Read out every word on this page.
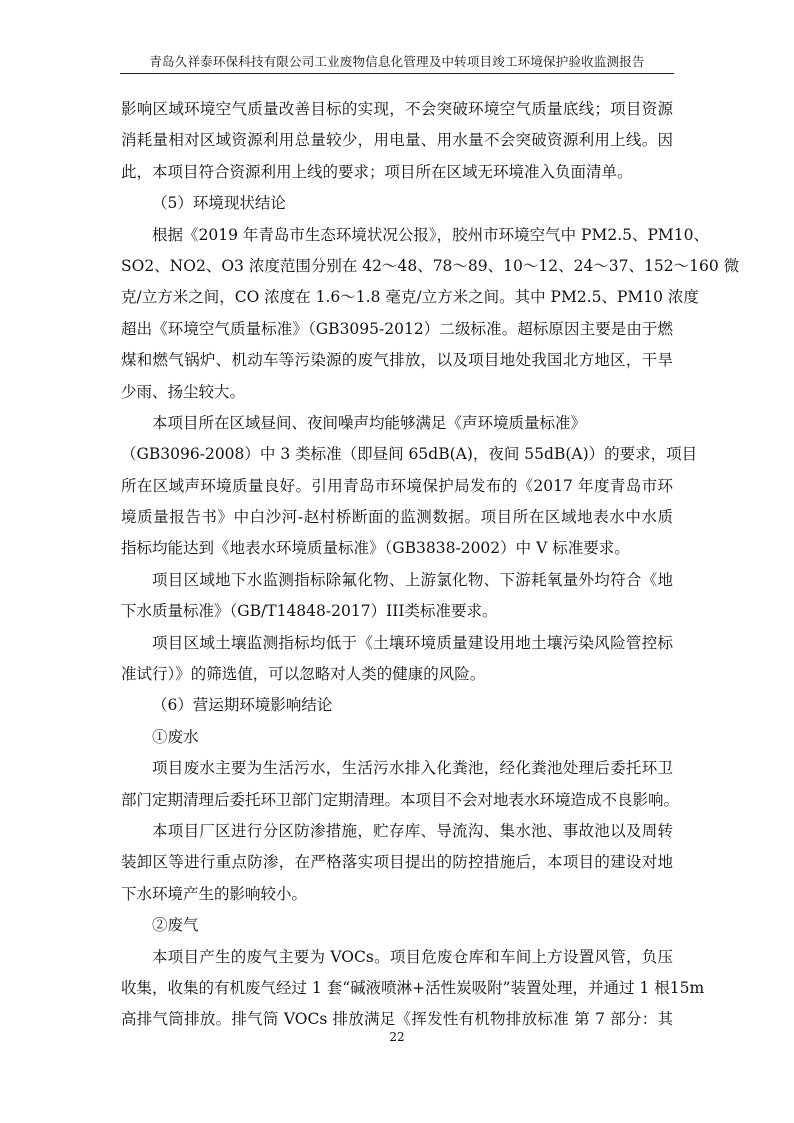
青岛久祥泰环保科技有限公司工业废物信息化管理及中转项目竣工环境保护验收监测报告
影响区域环境空气质量改善目标的实现，不会突破环境空气质量底线；项目资源
消耗量相对区域资源利用总量较少，用电量、用水量不会突破资源利用上线。因
此，本项目符合资源利用上线的要求；项目所在区域无环境准入负面清单。
（5）环境现状结论
根据《2019 年青岛市生态环境状况公报》，胶州市环境空气中 PM2.5、PM10、
SO2、NO2、O3 浓度范围分别在 42～48、78～89、10～12、24～37、152～160 微
克/立方米之间，CO 浓度在 1.6～1.8 毫克/立方米之间。其中 PM2.5、PM10 浓度
超出《环境空气质量标准》（GB3095-2012）二级标准。超标原因主要是由于燃
煤和燃气锅炉、机动车等污染源的废气排放，以及项目地处我国北方地区，干旱
少雨、扬尘较大。
本项目所在区域昼间、夜间噪声均能够满足《声环境质量标准》
（GB3096-2008）中 3 类标准（即昼间 65dB(A)，夜间 55dB(A)）的要求，项目
所在区域声环境质量良好。引用青岛市环境保护局发布的《2017 年度青岛市环
境质量报告书》中白沙河-赵村桥断面的监测数据。项目所在区域地表水中水质
指标均能达到《地表水环境质量标准》（GB3838-2002）中 V 标准要求。
项目区域地下水监测指标除氟化物、上游氯化物、下游耗氧量外均符合《地
下水质量标准》（GB/T14848-2017）III类标准要求。
项目区域土壤监测指标均低于《土壤环境质量建设用地土壤污染风险管控标
准试行）》的筛选值，可以忽略对人类的健康的风险。
（6）营运期环境影响结论
①废水
项目废水主要为生活污水，生活污水排入化粪池，经化粪池处理后委托环卫
部门定期清理后委托环卫部门定期清理。本项目不会对地表水环境造成不良影响。
本项目厂区进行分区防渗措施，贮存库、导流沟、集水池、事故池以及周转
装卸区等进行重点防渗，在严格落实项目提出的防控措施后，本项目的建设对地
下水环境产生的影响较小。
②废气
本项目产生的废气主要为 VOCs。项目危废仓库和车间上方设置风管，负压
收集，收集的有机废气经过 1 套“碱液喷淋+活性炭吸附”装置处理，并通过 1 根15m
高排气筒排放。排气筒 VOCs 排放满足《挥发性有机物排放标准 第 7 部分：其
22
